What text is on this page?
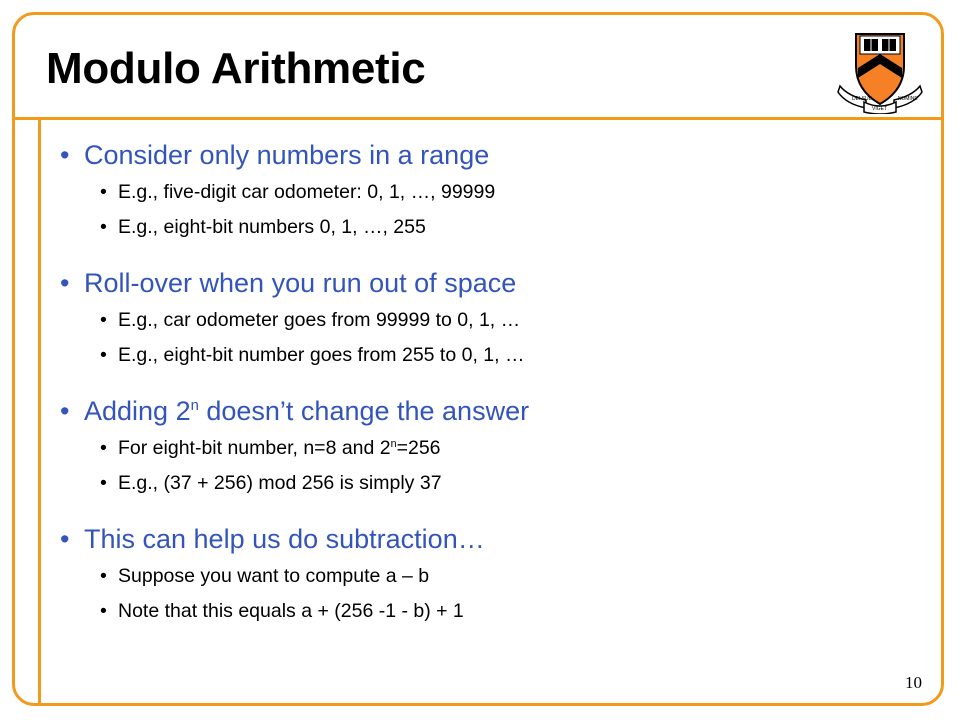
Modulo Arithmetic
DEI SUB	NUMINE
VIGET
• Consider only numbers in a range
• E.g., five-digit car odometer: 0, 1, …, 99999
• E.g., eight-bit numbers 0, 1, …, 255
• Roll-over when you run out of space
• E.g., car odometer goes from 99999 to 0, 1, …
• E.g., eight-bit number goes from 255 to 0, 1, …
• Adding 2$^n$ doesn’t change the answer
• For eight-bit number, n=8 and $2^n=256$
• E.g., (37 + 256) mod 256 is simply 37
• This can help us do subtraction…
• Suppose you want to compute a – b
• Note that this equals a + (256 -1 - b) + 1
10
